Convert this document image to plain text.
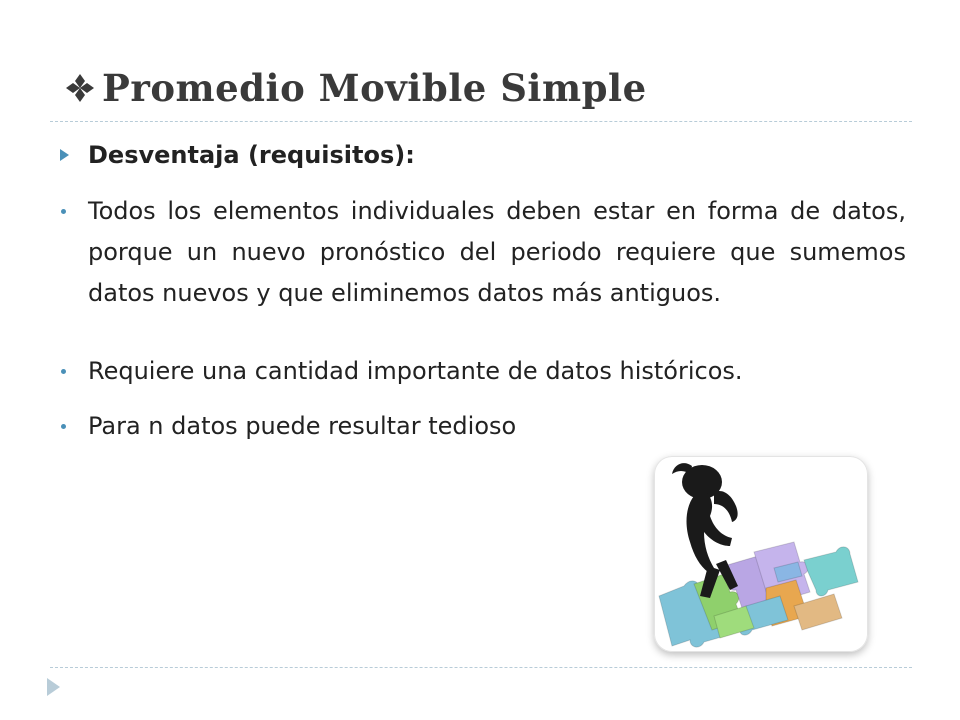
Promedio Movible Simple
Desventaja (requisitos):
Todos los elementos individuales deben estar en forma de datos, porque un nuevo pronóstico del periodo requiere que sumemos datos nuevos y que eliminemos datos más antiguos.
Requiere una cantidad importante de datos históricos.
Para n datos puede resultar tedioso
